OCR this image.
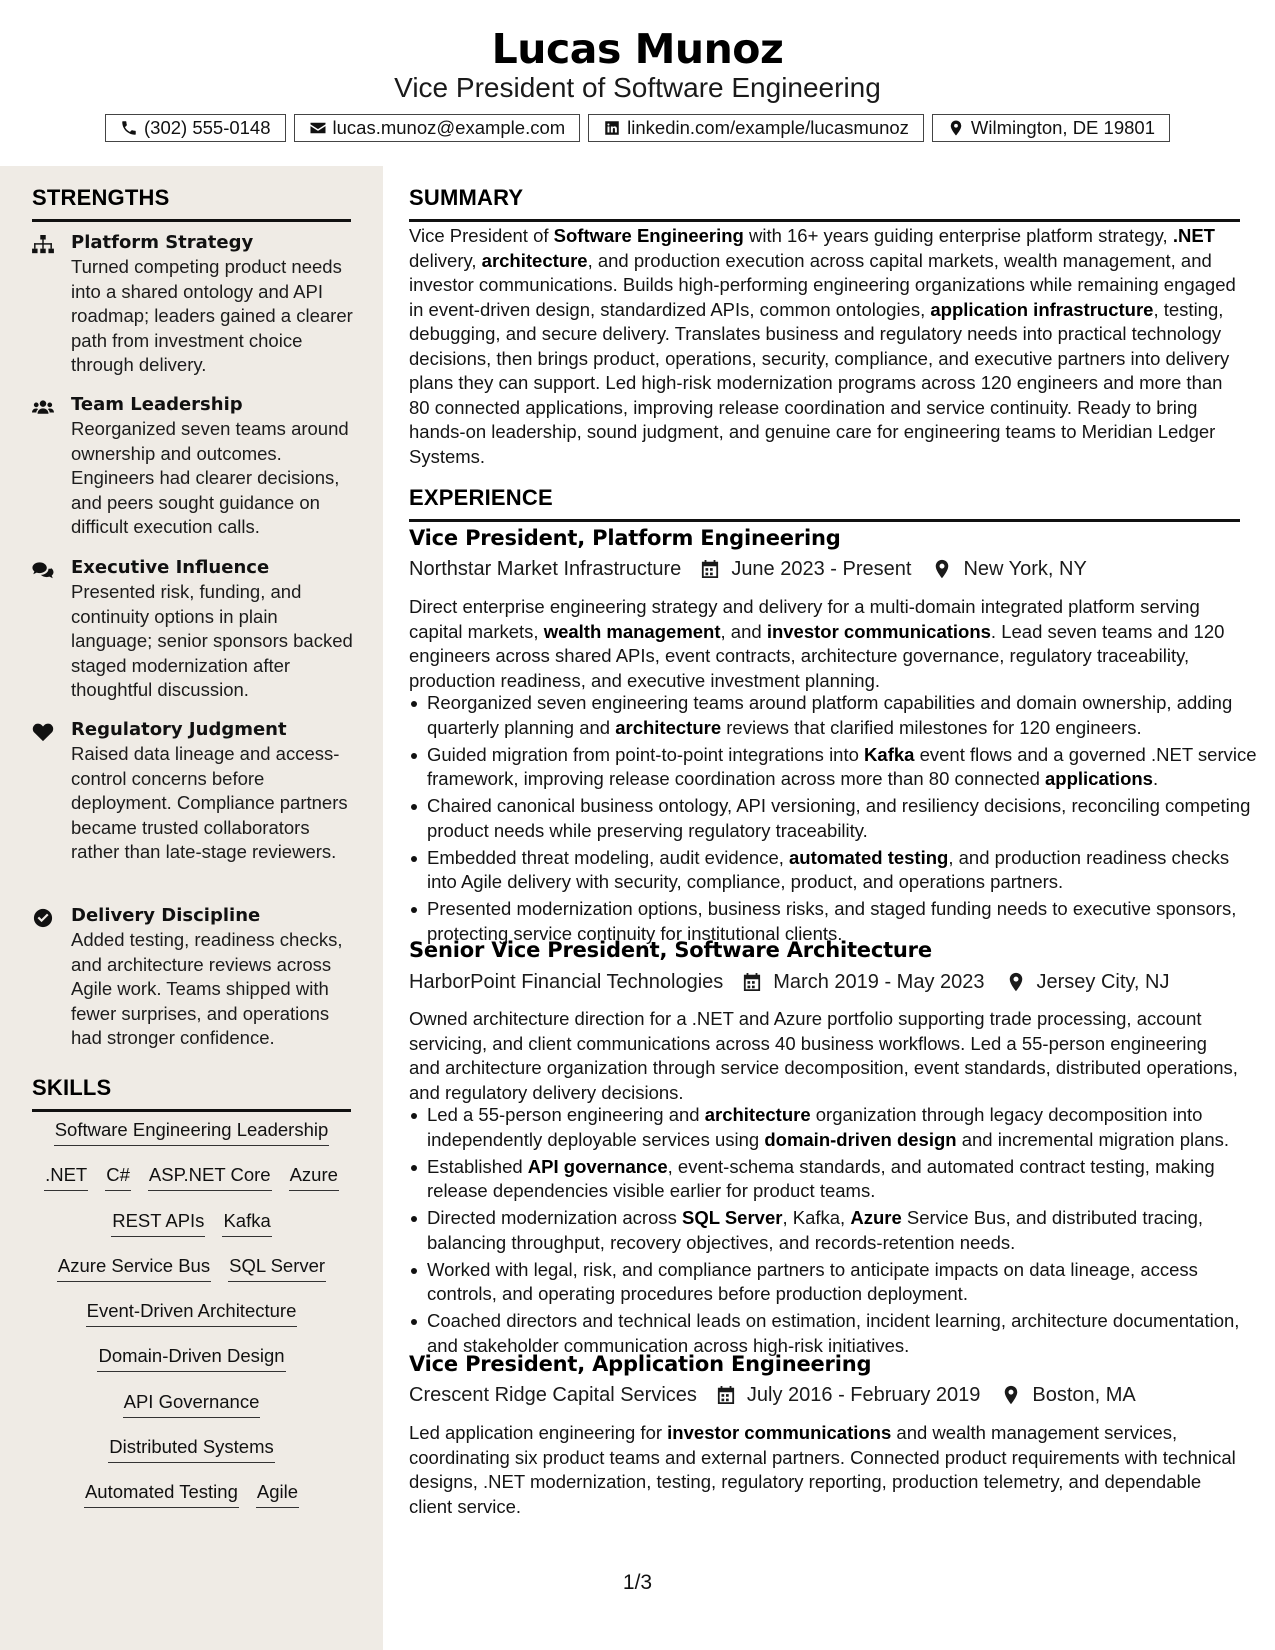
Lucas Munoz
Vice President of Software Engineering
(302) 555-0148	lucas.munoz@example.com	linkedin.com/example/lucasmunoz	Wilmington, DE 19801
STRENGTHS
Platform Strategy
Turned competing product needs into a shared ontology and API roadmap; leaders gained a clearer path from investment choice through delivery.
Team Leadership
Reorganized seven teams around ownership and outcomes. Engineers had clearer decisions, and peers sought guidance on difficult execution calls.
Executive Influence
Presented risk, funding, and continuity options in plain language; senior sponsors backed staged modernization after thoughtful discussion.
Regulatory Judgment
Raised data lineage and access-control concerns before deployment. Compliance partners became trusted collaborators rather than late-stage reviewers.
Delivery Discipline
Added testing, readiness checks, and architecture reviews across Agile work. Teams shipped with fewer surprises, and operations had stronger confidence.
SKILLS
Software Engineering Leadership
.NET C# ASP.NET Core Azure
REST APIs Kafka
Azure Service Bus SQL Server
Event-Driven Architecture
Domain-Driven Design
API Governance
Distributed Systems
Automated Testing Agile
SUMMARY
Vice President of Software Engineering with 16+ years guiding enterprise platform strategy, .NET delivery, architecture, and production execution across capital markets, wealth management, and investor communications. Builds high-performing engineering organizations while remaining engaged in event-driven design, standardized APIs, common ontologies, application infrastructure, testing, debugging, and secure delivery. Translates business and regulatory needs into practical technology decisions, then brings product, operations, security, compliance, and executive partners into delivery plans they can support. Led high-risk modernization programs across 120 engineers and more than 80 connected applications, improving release coordination and service continuity. Ready to bring hands-on leadership, sound judgment, and genuine care for engineering teams to Meridian Ledger Systems.
EXPERIENCE
Vice President, Platform Engineering
Northstar Market Infrastructure	June 2023 - Present	New York, NY
Direct enterprise engineering strategy and delivery for a multi-domain integrated platform serving capital markets, wealth management, and investor communications. Lead seven teams and 120 engineers across shared APIs, event contracts, architecture governance, regulatory traceability, production readiness, and executive investment planning.
Reorganized seven engineering teams around platform capabilities and domain ownership, adding quarterly planning and architecture reviews that clarified milestones for 120 engineers.
Guided migration from point-to-point integrations into Kafka event flows and a governed .NET service framework, improving release coordination across more than 80 connected applications.
Chaired canonical business ontology, API versioning, and resiliency decisions, reconciling competing product needs while preserving regulatory traceability.
Embedded threat modeling, audit evidence, automated testing, and production readiness checks into Agile delivery with security, compliance, product, and operations partners.
Presented modernization options, business risks, and staged funding needs to executive sponsors, protecting service continuity for institutional clients.
Senior Vice President, Software Architecture
HarborPoint Financial Technologies	March 2019 - May 2023	Jersey City, NJ
Owned architecture direction for a .NET and Azure portfolio supporting trade processing, account servicing, and client communications across 40 business workflows. Led a 55-person engineering and architecture organization through service decomposition, event standards, distributed operations, and regulatory delivery decisions.
Led a 55-person engineering and architecture organization through legacy decomposition into independently deployable services using domain-driven design and incremental migration plans.
Established API governance, event-schema standards, and automated contract testing, making release dependencies visible earlier for product teams.
Directed modernization across SQL Server, Kafka, Azure Service Bus, and distributed tracing, balancing throughput, recovery objectives, and records-retention needs.
Worked with legal, risk, and compliance partners to anticipate impacts on data lineage, access controls, and operating procedures before production deployment.
Coached directors and technical leads on estimation, incident learning, architecture documentation, and stakeholder communication across high-risk initiatives.
Vice President, Application Engineering
Crescent Ridge Capital Services	July 2016 - February 2019	Boston, MA
Led application engineering for investor communications and wealth management services, coordinating six product teams and external partners. Connected product requirements with technical designs, .NET modernization, testing, regulatory reporting, production telemetry, and dependable client service.
1/3
